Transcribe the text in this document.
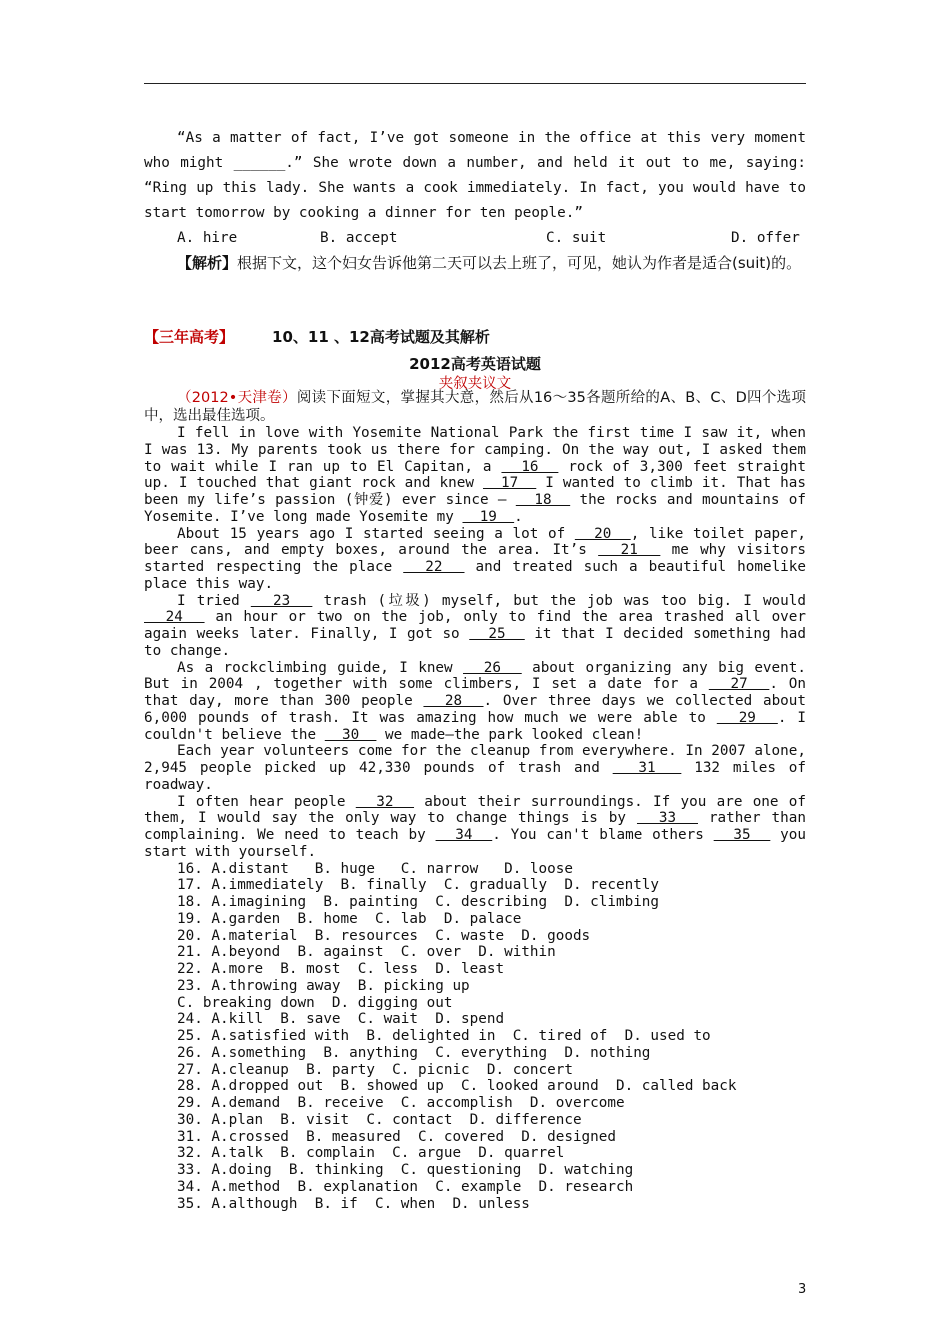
“As a matter of fact, I’ve got someone in the office at this very moment who might ______.” She wrote down a number, and held it out to me, saying: “Ring up this lady. She wants a cook immediately. In fact, you would have to start tomorrow by cooking a dinner for ten people.”
A. hire	B. accept	C. suit	D. offer
【解析】根据下文，这个妇女告诉他第二天可以去上班了，可见，她认为作者是适合(suit)的。
【三年高考】	10、11 、12高考试题及其解析
2012高考英语试题
夹叙夹议文
（2012•天津卷）阅读下面短文，掌握其大意，然后从16～35各题所给的A、B、C、D四个选项中，选出最佳选项。
I fell in love with Yosemite National Park the first time I saw it, when I was 13. My parents took us there for camping. On the way out, I asked them to wait while I ran up to El Capitan, a   16   rock of 3,300 feet straight up. I touched that giant rock and knew   17   I wanted to climb it. That has been my life’s passion (钟爱) ever since —   18   the rocks and mountains of Yosemite. I’ve long made Yosemite my   19  .
About 15 years ago I started seeing a lot of   20  , like toilet paper, beer cans, and empty boxes, around the area. It’s   21   me why visitors started respecting the place   22   and treated such a beautiful homelike place this way.
I tried   23   trash (垃圾) myself, but the job was too big. I would   24   an hour or two on the job, only to find the area trashed all over again weeks later. Finally, I got so   25   it that I decided something had to change.
As a rockclimbing guide, I knew   26   about organizing any big event. But in 2004 , together with some climbers, I set a date for a   27  . On that day, more than 300 people   28  . Over three days we collected about 6,000 pounds of trash. It was amazing how much we were able to   29  . I couldn't believe the   30   we made—the park looked clean!
Each year volunteers come for the cleanup from everywhere. In 2007 alone, 2,945 people picked up 42,330 pounds of trash and   31   132 miles of roadway.
I often hear people   32   about their surroundings. If you are one of them, I would say the only way to change things is by   33   rather than complaining. We need to teach by   34  . You can't blame others   35   you start with yourself.
16. A.distant   B. huge   C. narrow   D. loose
17. A.immediately  B. finally  C. gradually  D. recently
18. A.imagining  B. painting  C. describing  D. climbing
19. A.garden  B. home  C. lab  D. palace
20. A.material  B. resources  C. waste  D. goods
21. A.beyond  B. against  C. over  D. within
22. A.more  B. most  C. less  D. least
23. A.throwing away  B. picking up
C. breaking down  D. digging out
24. A.kill  B. save  C. wait  D. spend
25. A.satisfied with  B. delighted in  C. tired of  D. used to
26. A.something  B. anything  C. everything  D. nothing
27. A.cleanup  B. party  C. picnic  D. concert
28. A.dropped out  B. showed up  C. looked around  D. called back
29. A.demand  B. receive  C. accomplish  D. overcome
30. A.plan  B. visit  C. contact  D. difference
31. A.crossed  B. measured  C. covered  D. designed
32. A.talk  B. complain  C. argue  D. quarrel
33. A.doing  B. thinking  C. questioning  D. watching
34. A.method  B. explanation  C. example  D. research
35. A.although  B. if  C. when  D. unless
3
